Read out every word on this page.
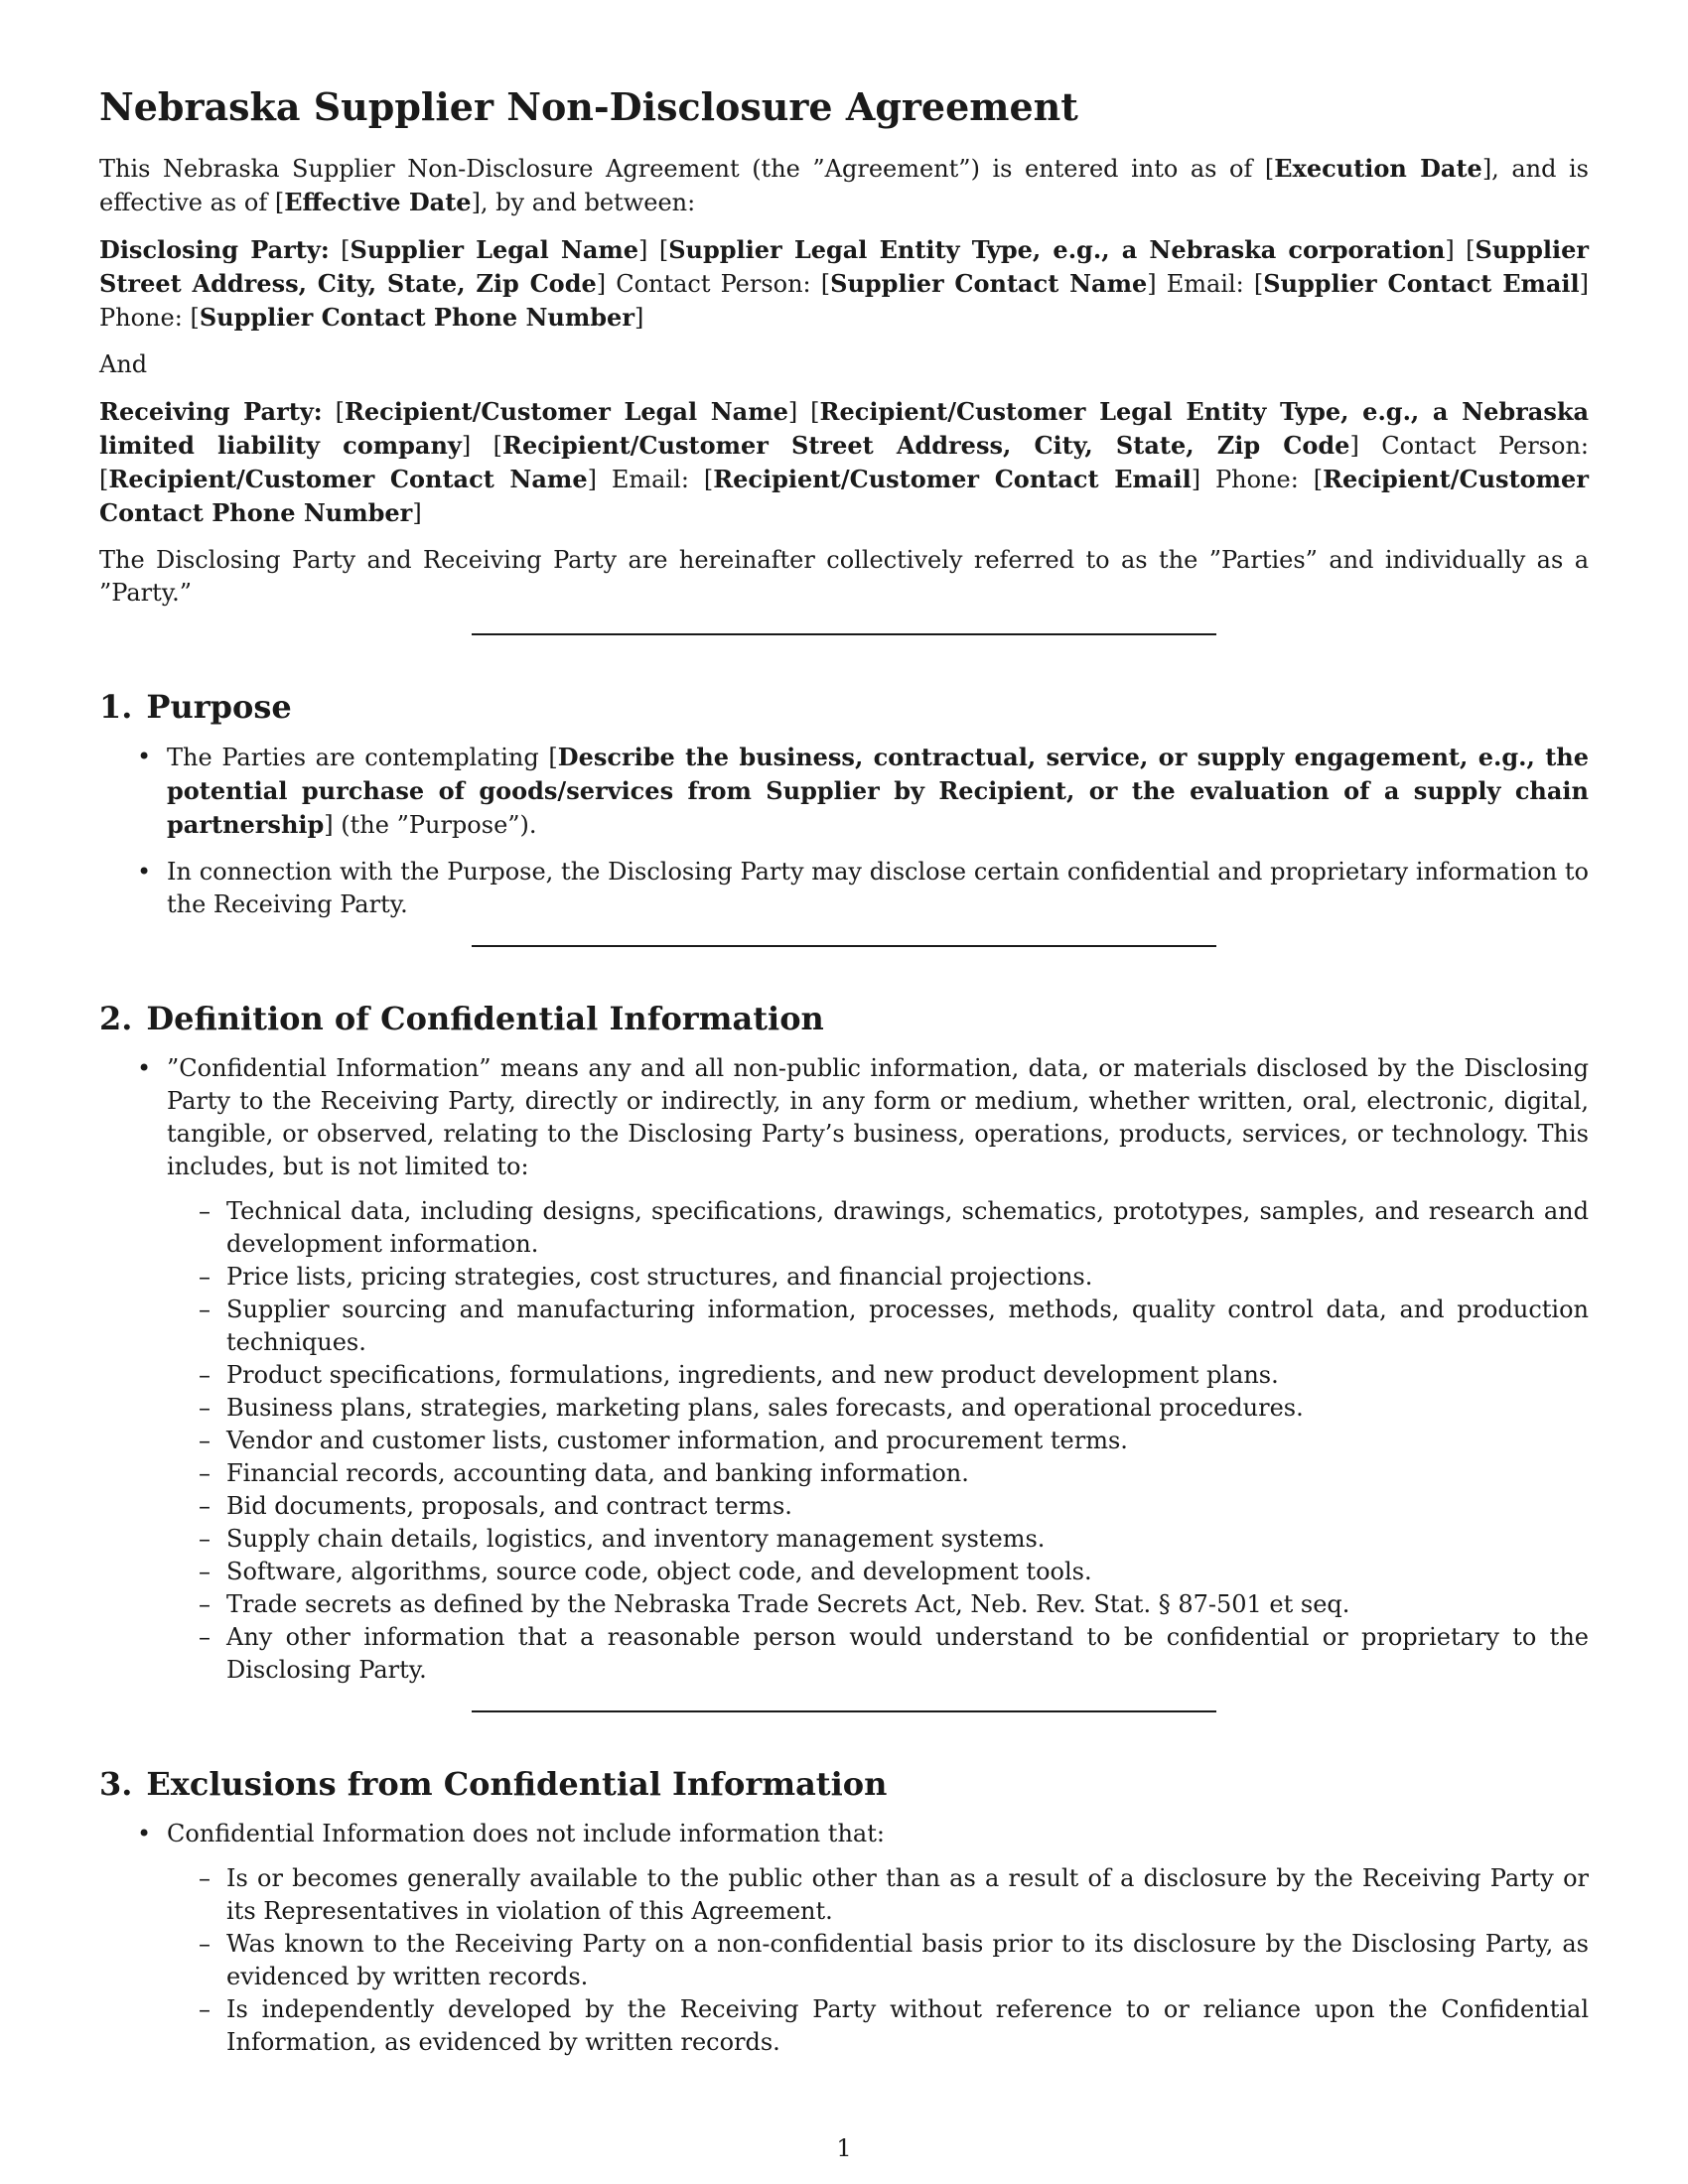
Nebraska Supplier Non-Disclosure Agreement

This Nebraska Supplier Non-Disclosure Agreement (the ”Agreement”) is entered into as of [Execution Date], and is effective as of [Effective Date], by and between:

Disclosing Party: [Supplier Legal Name] [Supplier Legal Entity Type, e.g., a Nebraska corporation] [Supplier Street Address, City, State, Zip Code] Contact Person: [Supplier Contact Name] Email: [Supplier Contact Email] Phone: [Supplier Contact Phone Number]

And

Receiving Party: [Recipient/Customer Legal Name] [Recipient/Customer Legal Entity Type, e.g., a Nebraska limited liability company] [Recipient/Customer Street Address, City, State, Zip Code] Contact Person: [Recipient/Customer Contact Name] Email: [Recipient/Customer Contact Email] Phone: [Recipient/Customer Contact Phone Number]

The Disclosing Party and Receiving Party are hereinafter collectively referred to as the ”Parties” and individually as a ”Party.”

1. Purpose
• The Parties are contemplating [Describe the business, contractual, service, or supply engagement, e.g., the potential purchase of goods/services from Supplier by Recipient, or the evaluation of a supply chain partnership] (the ”Purpose”).
• In connection with the Purpose, the Disclosing Party may disclose certain confidential and proprietary information to the Receiving Party.
2. Definition of Confidential Information
• ”Confidential Information” means any and all non-public information, data, or materials disclosed by the Disclosing Party to the Receiving Party, directly or indirectly, in any form or medium, whether written, oral, electronic, digital, tangible, or observed, relating to the Disclosing Party’s business, operations, products, services, or technology. This includes, but is not limited to:
– Technical data, including designs, specifications, drawings, schematics, prototypes, samples, and research and development information.
– Price lists, pricing strategies, cost structures, and financial projections.
– Supplier sourcing and manufacturing information, processes, methods, quality control data, and production techniques.
– Product specifications, formulations, ingredients, and new product development plans.
– Business plans, strategies, marketing plans, sales forecasts, and operational procedures.
– Vendor and customer lists, customer information, and procurement terms.
– Financial records, accounting data, and banking information.
– Bid documents, proposals, and contract terms.
– Supply chain details, logistics, and inventory management systems.
– Software, algorithms, source code, object code, and development tools.
– Trade secrets as defined by the Nebraska Trade Secrets Act, Neb. Rev. Stat. § 87-501 et seq.
– Any other information that a reasonable person would understand to be confidential or proprietary to the Disclosing Party.
3. Exclusions from Confidential Information
• Confidential Information does not include information that:
– Is or becomes generally available to the public other than as a result of a disclosure by the Receiving Party or its Representatives in violation of this Agreement.
– Was known to the Receiving Party on a non-confidential basis prior to its disclosure by the Disclosing Party, as evidenced by written records.
– Is independently developed by the Receiving Party without reference to or reliance upon the Confidential Information, as evidenced by written records.
1
